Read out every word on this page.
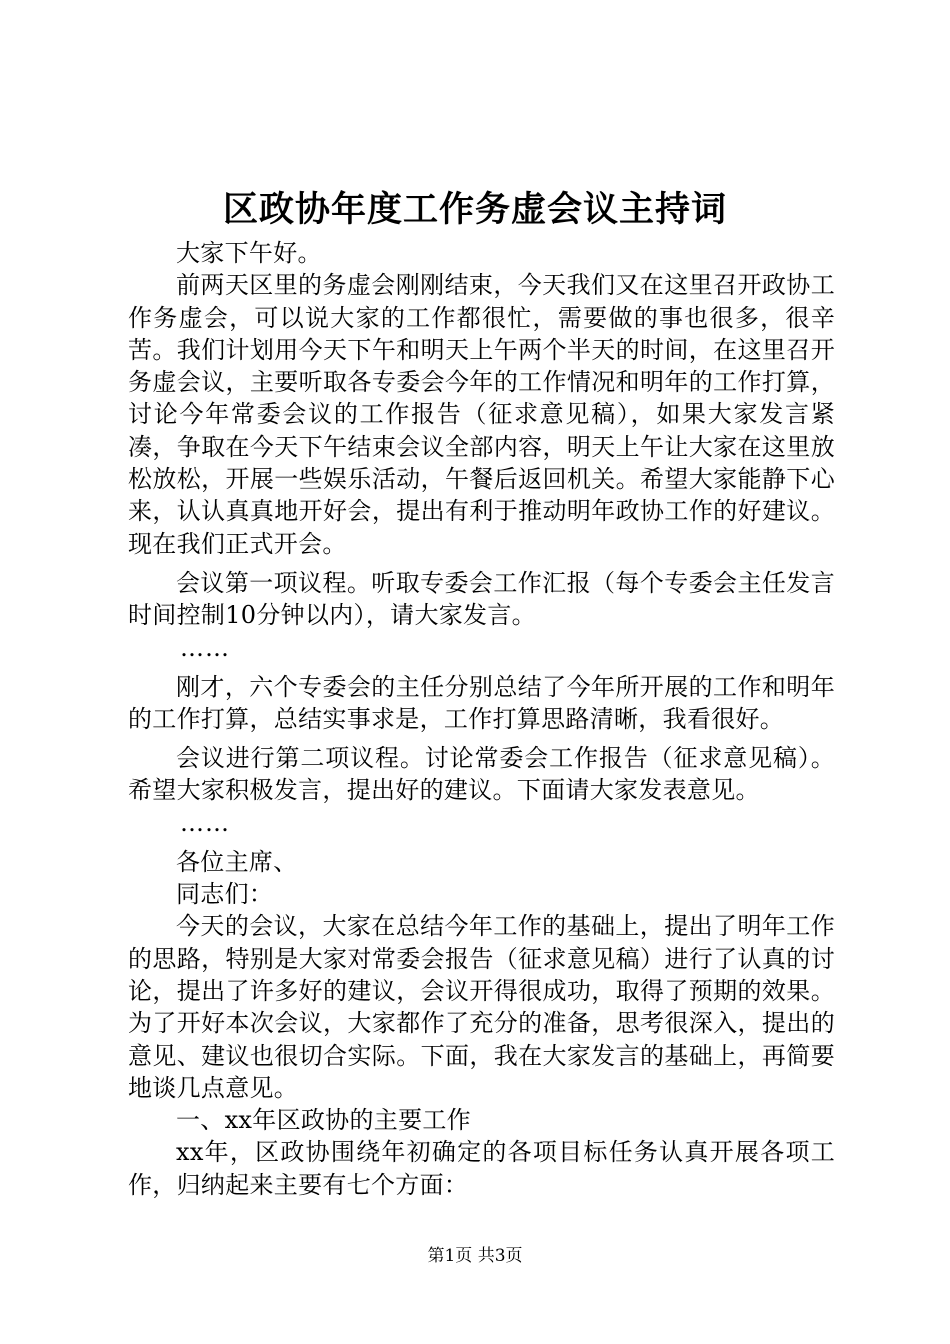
区政协年度工作务虚会议主持词

大家下午好。

前两天区里的务虚会刚刚结束，今天我们又在这里召开政协工作务虚会，可以说大家的工作都很忙，需要做的事也很多，很辛苦。我们计划用今天下午和明天上午两个半天的时间，在这里召开务虚会议，主要听取各专委会今年的工作情况和明年的工作打算，讨论今年常委会议的工作报告（征求意见稿），如果大家发言紧凑，争取在今天下午结束会议全部内容，明天上午让大家在这里放松放松，开展一些娱乐活动，午餐后返回机关。希望大家能静下心来，认认真真地开好会，提出有利于推动明年政协工作的好建议。现在我们正式开会。

会议第一项议程。听取专委会工作汇报（每个专委会主任发言时间控制10分钟以内），请大家发言。

……

刚才，六个专委会的主任分别总结了今年所开展的工作和明年的工作打算，总结实事求是，工作打算思路清晰，我看很好。

会议进行第二项议程。讨论常委会工作报告（征求意见稿）。希望大家积极发言，提出好的建议。下面请大家发表意见。

……

各位主席、

同志们：

今天的会议，大家在总结今年工作的基础上，提出了明年工作的思路，特别是大家对常委会报告（征求意见稿）进行了认真的讨论，提出了许多好的建议，会议开得很成功，取得了预期的效果。为了开好本次会议，大家都作了充分的准备，思考很深入，提出的意见、建议也很切合实际。下面，我在大家发言的基础上，再简要地谈几点意见。

一、xx年区政协的主要工作

xx年，区政协围绕年初确定的各项目标任务认真开展各项工作，归纳起来主要有七个方面：

第1页 共3页
